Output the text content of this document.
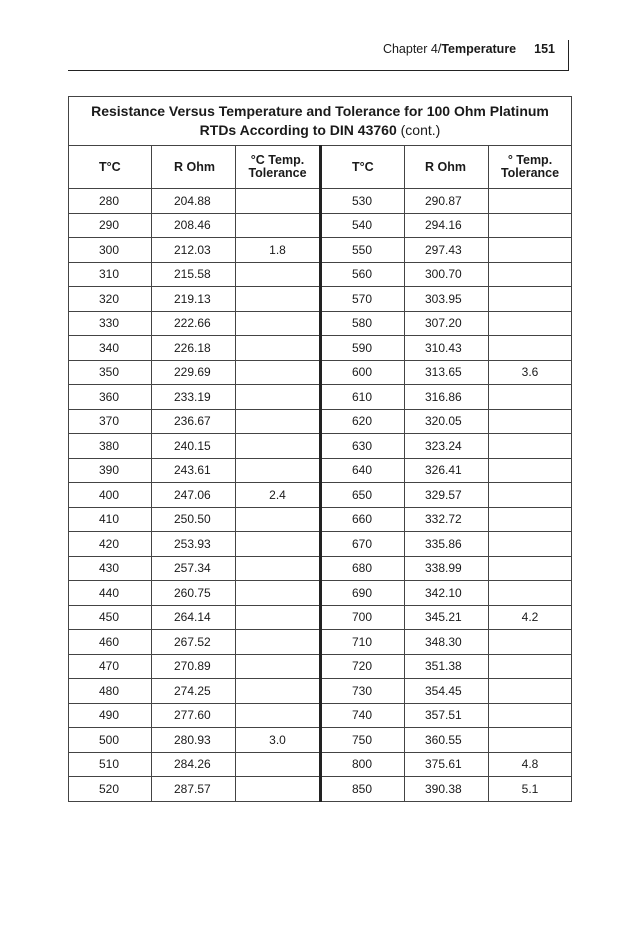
Chapter 4/Temperature 151
Resistance Versus Temperature and Tolerance for 100 Ohm Platinum RTDs According to DIN 43760 (cont.)					
T°C	R Ohm	°C Temp. Tolerance	T°C	R Ohm	° Temp. Tolerance
280	204.88		530	290.87	
290	208.46		540	294.16	
300	212.03	1.8	550	297.43	
310	215.58		560	300.70	
320	219.13		570	303.95	
330	222.66		580	307.20	
340	226.18		590	310.43	
350	229.69		600	313.65	3.6
360	233.19		610	316.86	
370	236.67		620	320.05	
380	240.15		630	323.24	
390	243.61		640	326.41	
400	247.06	2.4	650	329.57	
410	250.50		660	332.72	
420	253.93		670	335.86	
430	257.34		680	338.99	
440	260.75		690	342.10	
450	264.14		700	345.21	4.2
460	267.52		710	348.30	
470	270.89		720	351.38	
480	274.25		730	354.45	
490	277.60		740	357.51	
500	280.93	3.0	750	360.55	
510	284.26		800	375.61	4.8
520	287.57		850	390.38	5.1
